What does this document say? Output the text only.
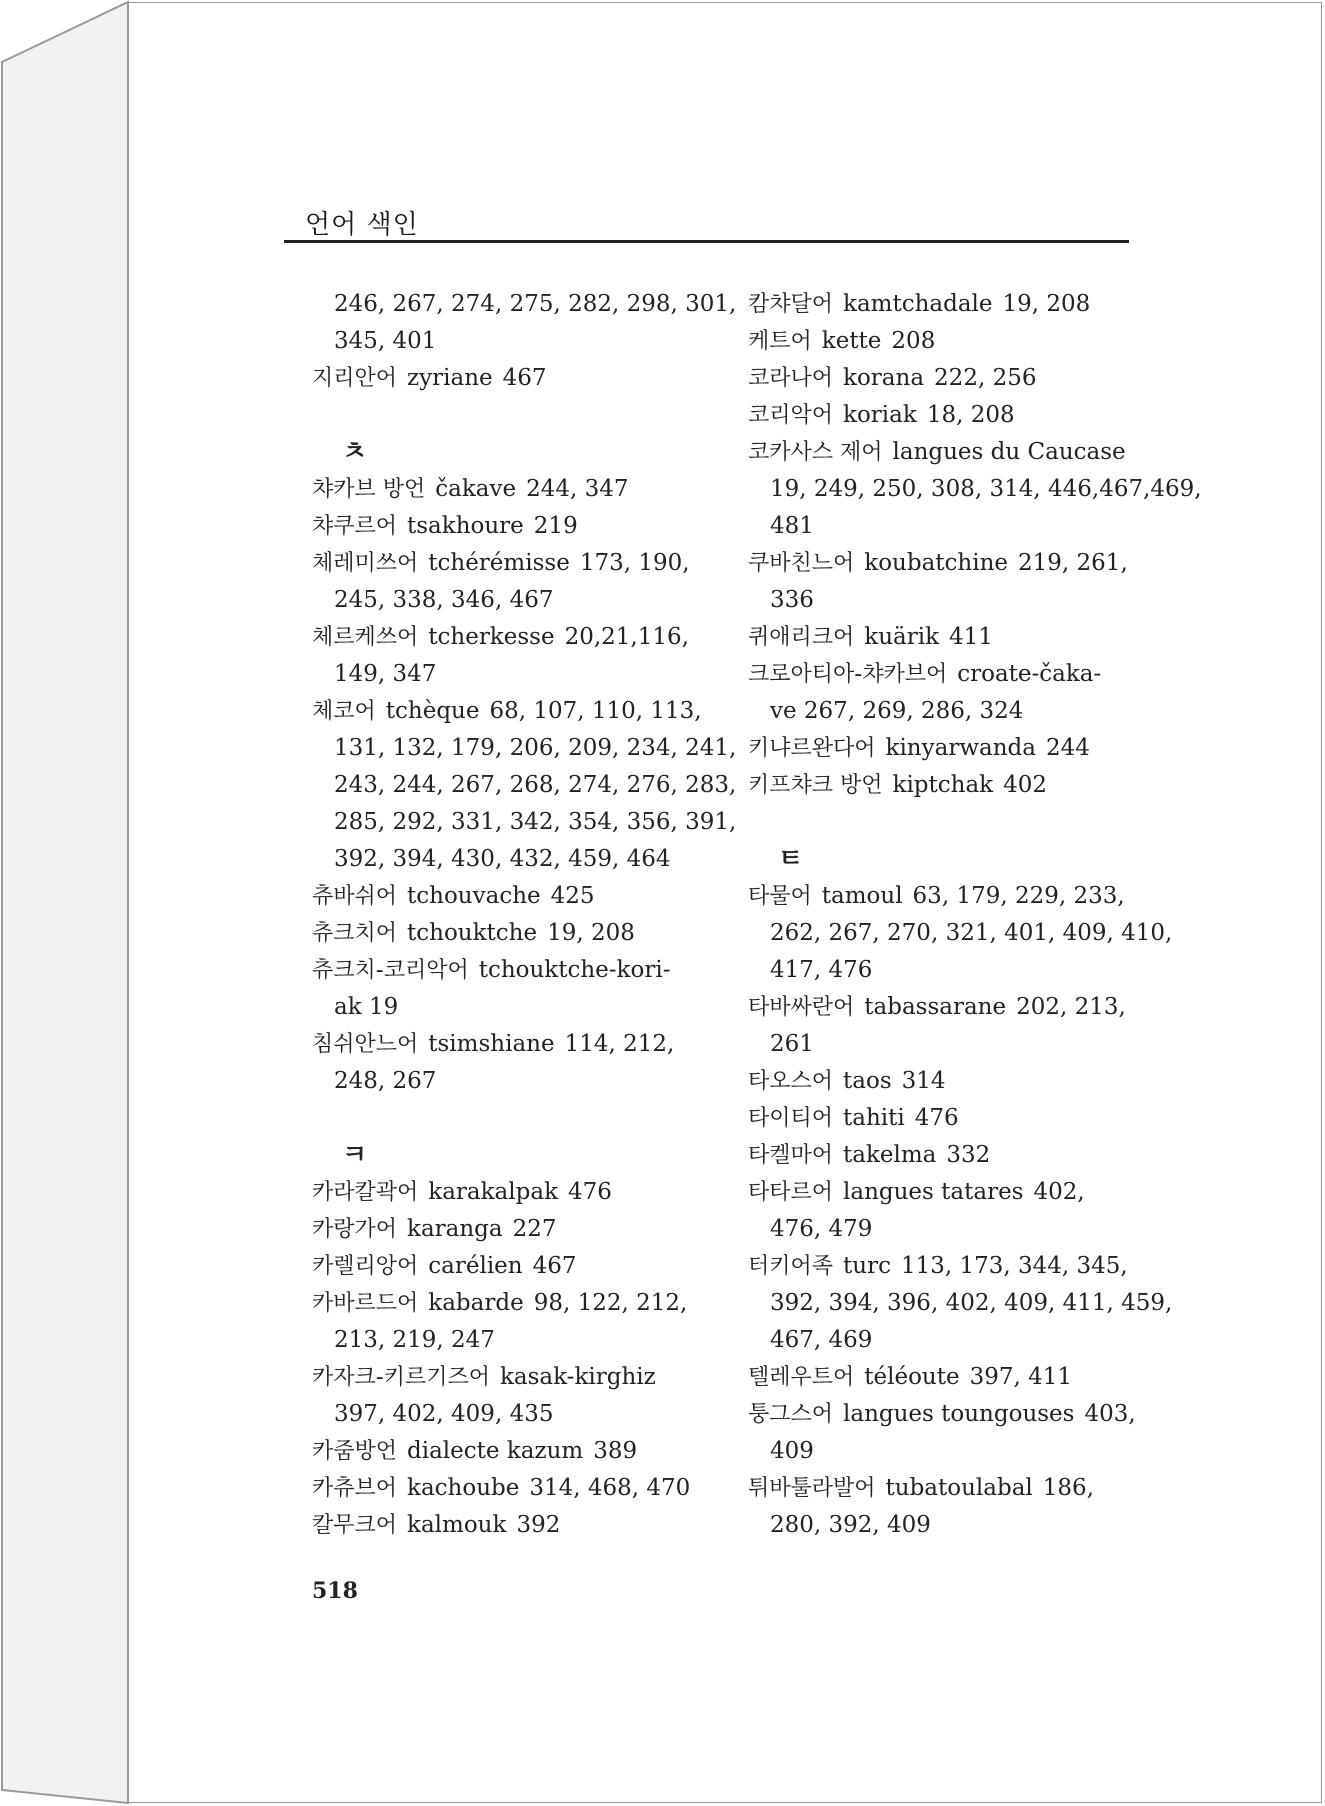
언어 색인
246, 267, 274, 275, 282, 298, 301,
345, 401
지리안어 zyriane 467
ㅊ
챠카브 방언 čakave 244, 347
챠쿠르어 tsakhoure 219
체레미쓰어 tchérémisse 173, 190,
245, 338, 346, 467
체르케쓰어 tcherkesse 20,21,116,
149, 347
체코어 tchèque 68, 107, 110, 113,
131, 132, 179, 206, 209, 234, 241,
243, 244, 267, 268, 274, 276, 283,
285, 292, 331, 342, 354, 356, 391,
392, 394, 430, 432, 459, 464
츄바쉬어 tchouvache 425
츄크치어 tchouktche 19, 208
츄크치-코리악어 tchouktche-kori-
ak 19
침쉬안느어 tsimshiane 114, 212,
248, 267
ㅋ
카라칼곽어 karakalpak 476
카랑가어 karanga 227
카렐리앙어 carélien 467
카바르드어 kabarde 98, 122, 212,
213, 219, 247
카자크-키르기즈어 kasak-kirghiz
397, 402, 409, 435
카줌방언 dialecte kazum 389
카츄브어 kachoube 314, 468, 470
칼무크어 kalmouk 392
캄챠달어 kamtchadale 19, 208
케트어 kette 208
코라나어 korana 222, 256
코리악어 koriak 18, 208
코카사스 제어 langues du Caucase
19, 249, 250, 308, 314, 446,467,469,
481
쿠바친느어 koubatchine 219, 261,
336
퀴애리크어 kuärik 411
크로아티아-챠카브어 croate-čaka-
ve 267, 269, 286, 324
키냐르완다어 kinyarwanda 244
키프챠크 방언 kiptchak 402
ㅌ
타물어 tamoul 63, 179, 229, 233,
262, 267, 270, 321, 401, 409, 410,
417, 476
타바싸란어 tabassarane 202, 213,
261
타오스어 taos 314
타이티어 tahiti 476
타켈마어 takelma 332
타타르어 langues tatares 402,
476, 479
터키어족 turc 113, 173, 344, 345,
392, 394, 396, 402, 409, 411, 459,
467, 469
텔레우트어 téléoute 397, 411
퉁그스어 langues toungouses 403,
409
튀바툴라발어 tubatoulabal 186,
280, 392, 409
518
